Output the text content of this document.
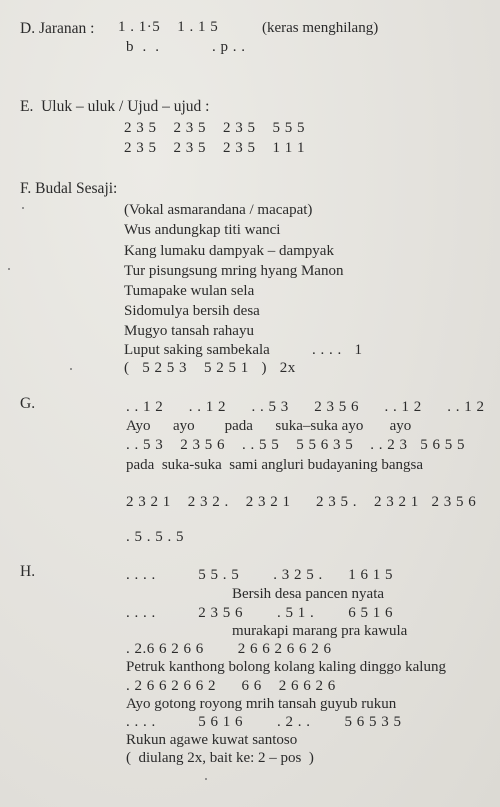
D. Jaranan : 1 . 1·5    1 . 1 5	(keras menghilang)
b  .  .	. p . .
E.  Uluk – uluk / Ujud – ujud :
2 3 5    2 3 5    2 3 5    5 5 5
2 3 5    2 3 5    2 3 5    1 1 1
F. Budal Sesaji:
(Vokal asmarandana / macapat)
Wus andungkap titi wanci
Kang lumaku dampyak – dampyak
Tur pisungsung mring hyang Manon
Tumapake wulan sela
Sidomulya bersih desa
Mugyo tansah rahayu
Luput saking sambekala	. . . .   1
(   5 2 5 3    5 2 5 1   )   2x
G.	. . 1 2      . . 1 2      . . 5 3      2 3 5 6      . . 1 2      . . 1 2
Ayo      ayo        pada      suka–suka ayo       ayo
. . 5 3    2 3 5 6    . . 5 5    5 5 6 3 5    . . 2 3   5 6 5 5
pada  suka-suka  sami angluri budayaning bangsa
2 3 2 1    2 3 2 .    2 3 2 1      2 3 5 .    2 3 2 1   2 3 5 6
. 5 . 5 . 5
H.	. . . .          5 5 . 5        . 3 2 5 .      1 6 1 5
Bersih desa pancen nyata
. . . .          2 3 5 6        . 5 1 .        6 5 1 6
murakapi marang pra kawula
. 2.6 6 2 6 6        2 6 6 2 6 6 2 6
Petruk kanthong bolong kolang kaling dinggo kalung
. 2 6 6 2 6 6 2      6 6    2 6 6 2 6
Ayo gotong royong mrih tansah guyub rukun
. . . .          5 6 1 6        . 2 . .        5 6 5 3 5
Rukun agawe kuwat santoso
(  diulang 2x, bait ke: 2 – pos  )
